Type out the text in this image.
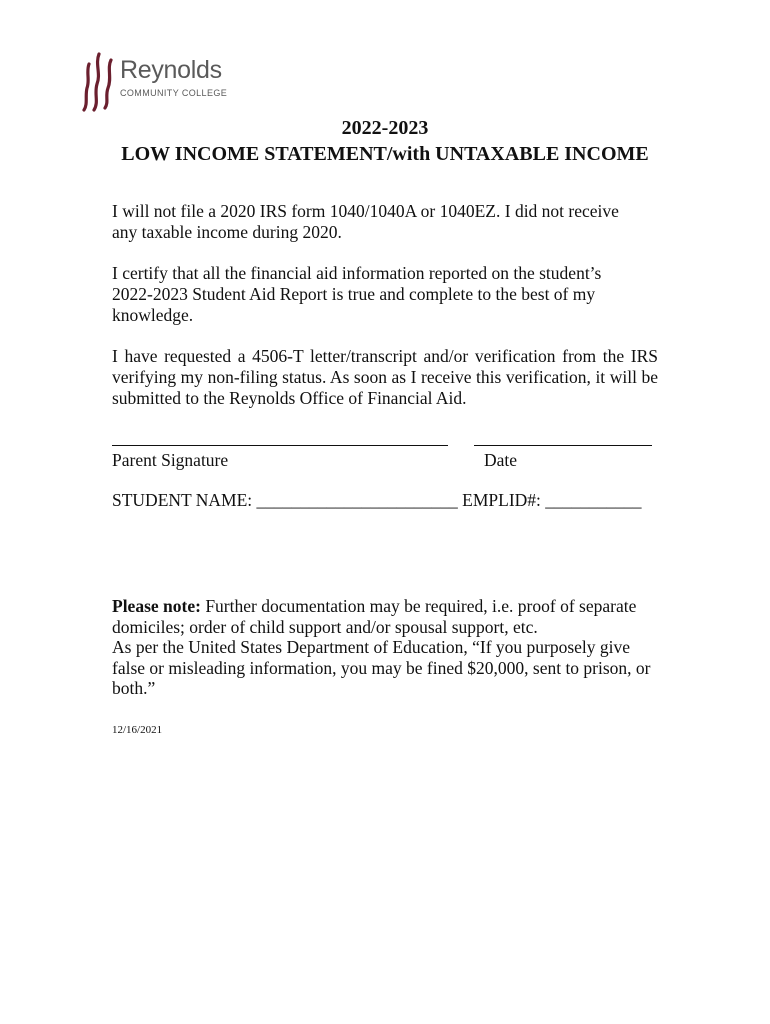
Reynolds
COMMUNITY COLLEGE
2022-2023
LOW INCOME STATEMENT/with UNTAXABLE INCOME

I will not file a 2020 IRS form 1040/1040A or 1040EZ. I did not receive any taxable income during 2020.

I certify that all the financial aid information reported on the student’s 2022-2023 Student Aid Report is true and complete to the best of my knowledge.

I have requested a 4506-T letter/transcript and/or verification from the IRS verifying my non-filing status. As soon as I receive this verification, it will be submitted to the Reynolds Office of Financial Aid.

Parent Signature	Date
STUDENT NAME: _______________________ EMPLID#: ___________
Please note: Further documentation may be required, i.e. proof of separate domiciles; order of child support and/or spousal support, etc.
As per the United States Department of Education, “If you purposely give false or misleading information, you may be fined $20,000, sent to prison, or both.”
12/16/2021
